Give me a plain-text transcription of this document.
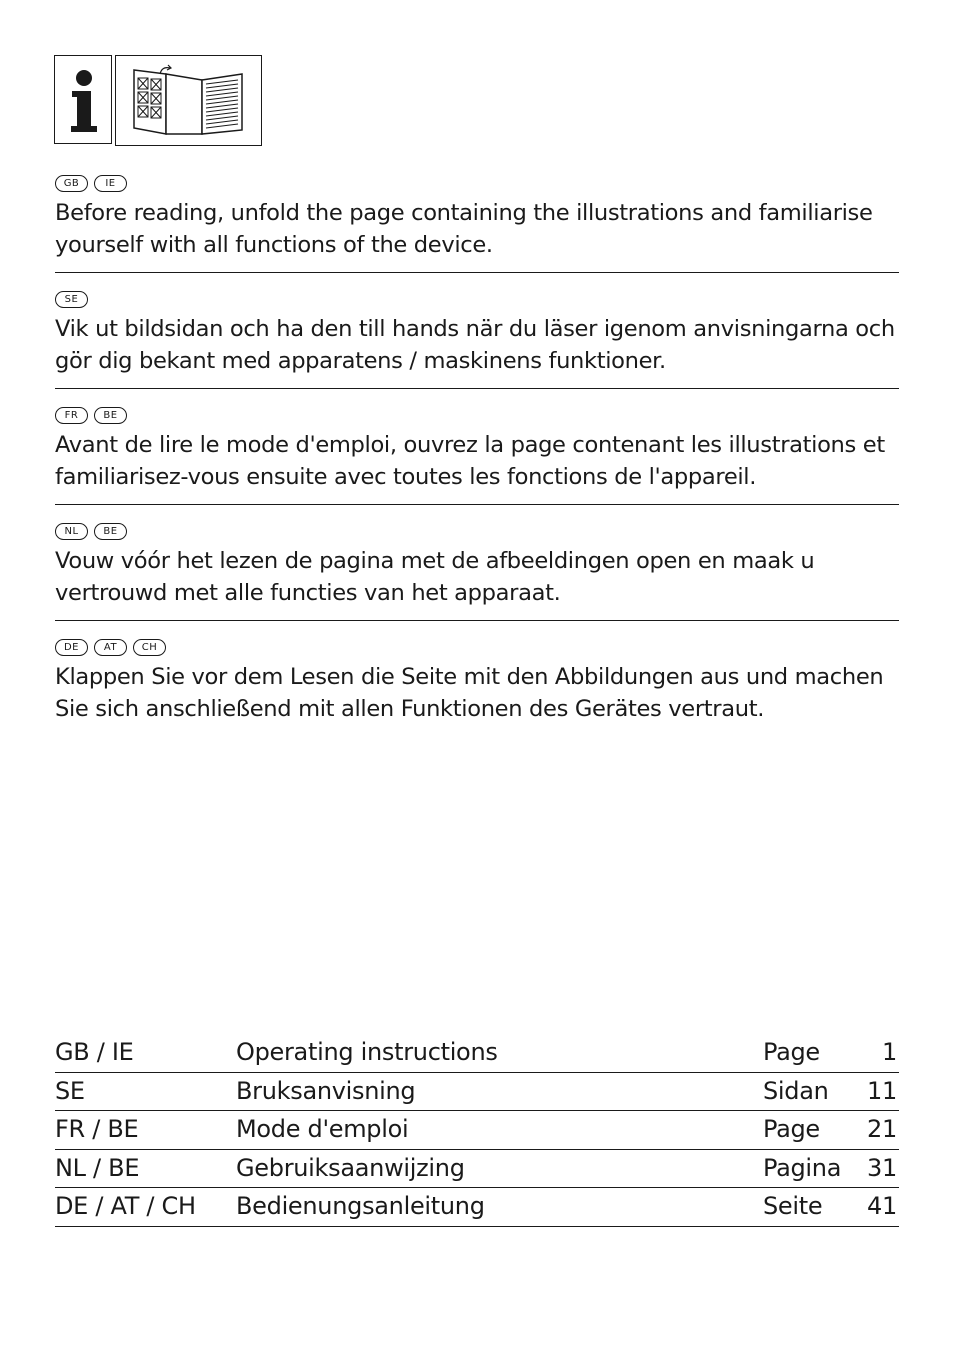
GB	IE
Before reading, unfold the page containing the illustrations and familiarise
yourself with all functions of the device.
SE
Vik ut bildsidan och ha den till hands när du läser igenom anvisningarna och
gör dig bekant med apparatens / maskinens funktioner.
FR	BE
Avant de lire le mode d'emploi, ouvrez la page contenant les illustrations et
familiarisez-vous ensuite avec toutes les fonctions de l'appareil.
NL	BE
Vouw vóór het lezen de pagina met de afbeeldingen open en maak u
vertrouwd met alle functies van het apparaat.
DE	AT	CH
Klappen Sie vor dem Lesen die Seite mit den Abbildungen aus und machen
Sie sich anschließend mit allen Funktionen des Gerätes vertraut.
GB / IE	Operating instructions	Page	1
SE	Bruksanvisning	Sidan 11
FR / BE	Mode d'emploi	Page 21
NL / BE	Gebruiksaanwijzing	Pagina 31
DE / AT / CH Bedienungsanleitung	Seite 41
